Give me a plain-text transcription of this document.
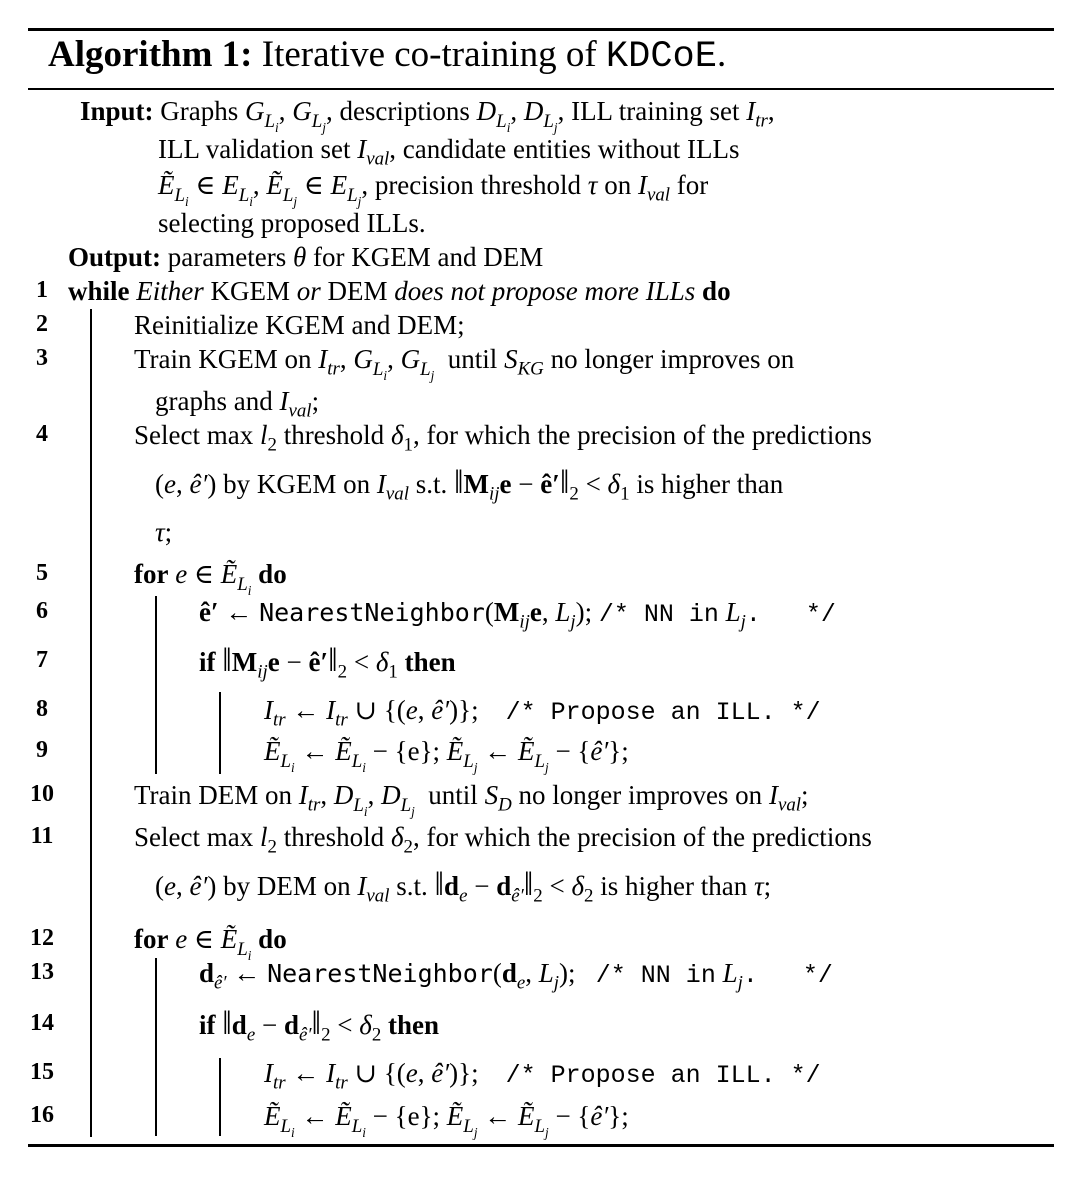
Algorithm 1: Iterative co-training of KDCoE.
Input: Graphs $G_{L_i}$, $G_{L_j}$, descriptions $D_{L_i}$, $D_{L_j}$, ILL training set $I_{tr}$,
ILL validation set $I_{val}$, candidate entities without ILLs
Ẽ$_{L_i}$ ∈ $E_{L_i}$, Ẽ$_{L_j}$ ∈ $E_{L_j}$, precision threshold τ on $I_{val}$ for
selecting proposed ILLs.
Output: parameters θ for KGEM and DEM
1
2
3
4
5
6
7
8
9
10
11
12
13
14
15
16
while Either KGEM or DEM does not propose more ILLs do
Reinitialize KGEM and DEM;
Train KGEM on $I_{tr}$, $G_{L_i}$, $G_{L_j}$  until $S_{KG}$ no longer improves on
graphs and $I_{val}$;
Select $\max l_2$ threshold $\delta_1$, for which the precision of the predictions
(e, ê′) by KGEM on $I_{val}$ s.t. $‖M_{ij}e$ − $ê'‖_2 < \delta_1$ is higher than
τ;
for e ∈ Ẽ$_{L_i}$ do
ê′ ← $NearestNeighbor(M_{ij}e$, $L_j$); /* NN in $L_j$.   */
if $‖M_{ij}e$ − $ê'‖_2 < \delta_1$ then
$I_{tr}$ ← $I_{tr}$ ∪ {(e, ê′)};    /* Propose an ILL. */
Ẽ$_{L_i}$ ← Ẽ$_{L_i}$ − {e}; Ẽ$_{L_j}$ ← Ẽ$_{L_j}$ − {ê′};
Train DEM on $I_{tr}$, $D_{L_i}$, $D_{L_j}$  until $S_D$ no longer improves on $I_{val}$;
Select $\max l_2$ threshold $\delta_2$, for which the precision of the predictions
(e, ê′) by DEM on $I_{val}$ s.t. $‖d_e$ − $d_{ê'}‖_2 < \delta_2$ is higher than τ;
for e ∈ Ẽ$_{L_i}$ do
$d_{ê'}$ ← $NearestNeighbor(d_e$, $L_j$);   /* NN in $L_j$.   */
if $‖d_e$ − $d_{ê'}‖_2 < \delta_2$ then
$I_{tr}$ ← $I_{tr}$ ∪ {(e, ê′)};    /* Propose an ILL. */
Ẽ$_{L_i}$ ← Ẽ$_{L_i}$ − {e}; Ẽ$_{L_j}$ ← Ẽ$_{L_j}$ − {ê′};
